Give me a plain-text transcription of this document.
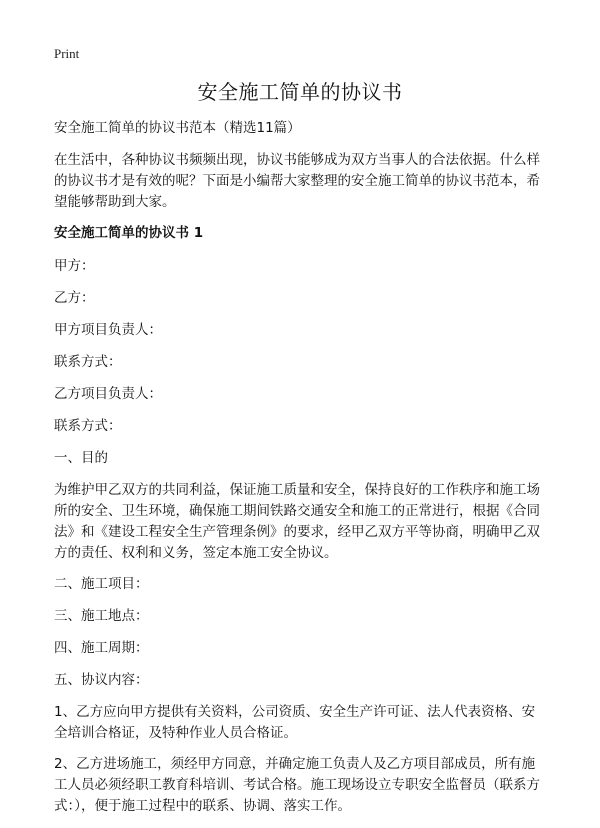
Print
安全施工简单的协议书

安全施工简单的协议书范本（精选11篇）

在生活中，各种协议书频频出现，协议书能够成为双方当事人的合法依据。什么样的协议书才是有效的呢？下面是小编帮大家整理的安全施工简单的协议书范本，希望能够帮助到大家。

安全施工简单的协议书 1

甲方：

乙方：

甲方项目负责人：

联系方式：

乙方项目负责人：

联系方式：

一、目的

为维护甲乙双方的共同利益，保证施工质量和安全，保持良好的工作秩序和施工场所的安全、卫生环境，确保施工期间铁路交通安全和施工的正常进行，根据《合同法》和《建设工程安全生产管理条例》的要求，经甲乙双方平等协商，明确甲乙双方的责任、权利和义务，签定本施工安全协议。

二、施工项目：

三、施工地点：

四、施工周期：

五、协议内容：

1、乙方应向甲方提供有关资料，公司资质、安全生产许可证、法人代表资格、安全培训合格证，及特种作业人员合格证。

2、乙方进场施工，须经甲方同意，并确定施工负责人及乙方项目部成员，所有施工人员必须经职工教育科培训、考试合格。施工现场设立专职安全监督员（联系方式：），便于施工过程中的联系、协调、落实工作。
